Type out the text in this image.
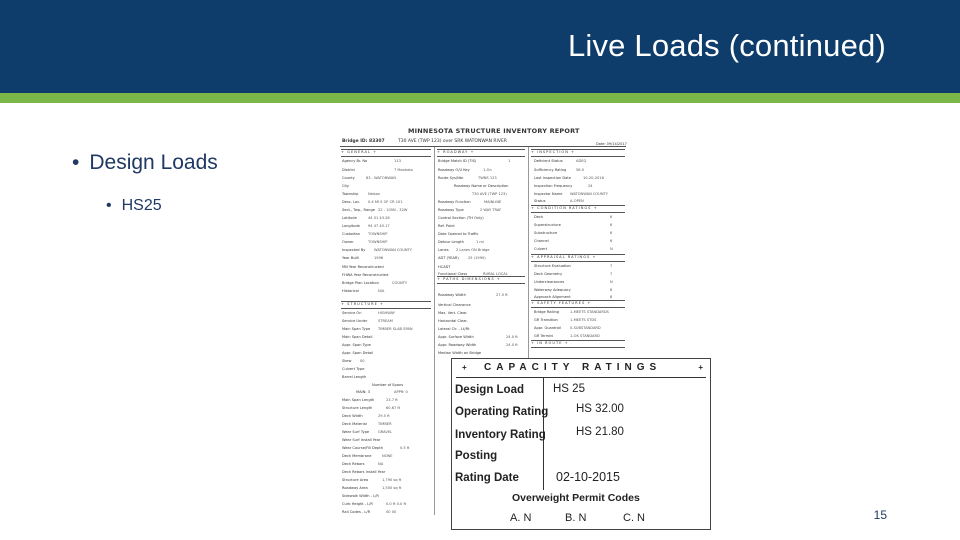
Live Loads (continued)
• Design Loads
• HS25
MINNESOTA STRUCTURE INVENTORY REPORT
Bridge ID: 83307	T30 AVE (TWP 123) over SRK WATONWAN RIVER	Date: 09/14/2017
+ GENERAL +	+ ROADWAY +	+ INSPECTION +
+ CONDITION RATINGS +
+ APPRAISAL RATINGS +
+ STRUCTURE +
+ PATHS DIMENSIONS +
+ SAFETY FEATURES +
+ IN ROUTE +
Agency Br. No	113
District	7 Mankato
County	83 - WATONWAN
City
Township	Nelson
Desc. Loc. 0.4 MI S OF CR 101
Sect., Twp., Range 22 - 105N - 32W
Latitude	44 01 43.26
Longitude 94 47 45.17
Custodian TOWNSHIP
Owner	TOWNSHIP
Inspected By WATONWAN COUNTY
Year Built	1996
MN Year Reconstructed
FHWA Year Reconstructed
Bridge Plan Location	COUNTY
Historical	N/A
Bridge Match ID (TIS)	1
Roadway O/U Key	1-On
Route Sys/Nbr	TWNS 123
Roadway Name or Description
T30 AVE (TWP 123)
Roadway Function	MAINLINE
Roadway Type	2 WAY TRAF
Control Section (TH Only)
Ref. Point
Date Opened to Traffic
Detour Length	1 mi
Lanes 2 Lanes ON Bridge
ADT (YEAR)	25 (1990)
HCADT
Functional Class	RURAL LOCAL
Roadway Width	27.5 ft
Vertical Clearance
Max. Vert. Clear.
Horizontal Clear.
Lateral Clr. - Lt/Rt
Appr. Surface Width	24.0 ft
Appr. Roadway Width	24.0 ft
Median Width on Bridge
Deficient Status	ADEQ
Sufficiency Rating	56.0
Last Inspection Date	10-20-2016
Inspection Frequency	24
Inspector Name WATONWAN COUNTY
Status	A-OPEN
Deck	6
Superstructure	6
Substructure	6
Channel	6
Culvert	N
Structure Evaluation	7
Deck Geometry	7
Underclearances	N
Waterway Adequacy	8
Approach Alignment	8
Bridge Railing	1-MEETS STANDARDS
GR Transition	1-MEETS STDS
Appr. Guardrail 0-SUBSTANDARD
GR Termini	1-OK STANDARD
Service On	HIGHWAY
Service Under	STREAM
Main Span Type TIMBER SLAB SPAN
Main Span Detail
Appr. Span Type
Appr. Span Detail
Skew 00
Culvert Type
Barrel Length
Number of Spans
MAIN: 3	APPR: 0
Main Span Length	23.7 ft
Structure Length	60.67 ft
Deck Width	29.5 ft
Deck Material	TIMBER
Wear Surf Type GRAVEL
Wear Surf Install Year
Wear Course/Fill Depth	0.5 ft
Deck Membrane	NONE
Deck Rebars	NA
Deck Rebars Install Year
Structure Area	1,790 sq ft
Roadway Area	1,500 sq ft
Sidewalk Width - L/R
Curb Height - L/R	0.0 ft 0.0 ft
Rail Codes - L/R	00 00
+ CAPACITY RATINGS	+
Design Load	HS 25
Operating Rating HS 32.00
Inventory Rating	HS 21.80
Posting
Rating Date	02-10-2015
Overweight Permit Codes
A. N	B. N	C. N	15
